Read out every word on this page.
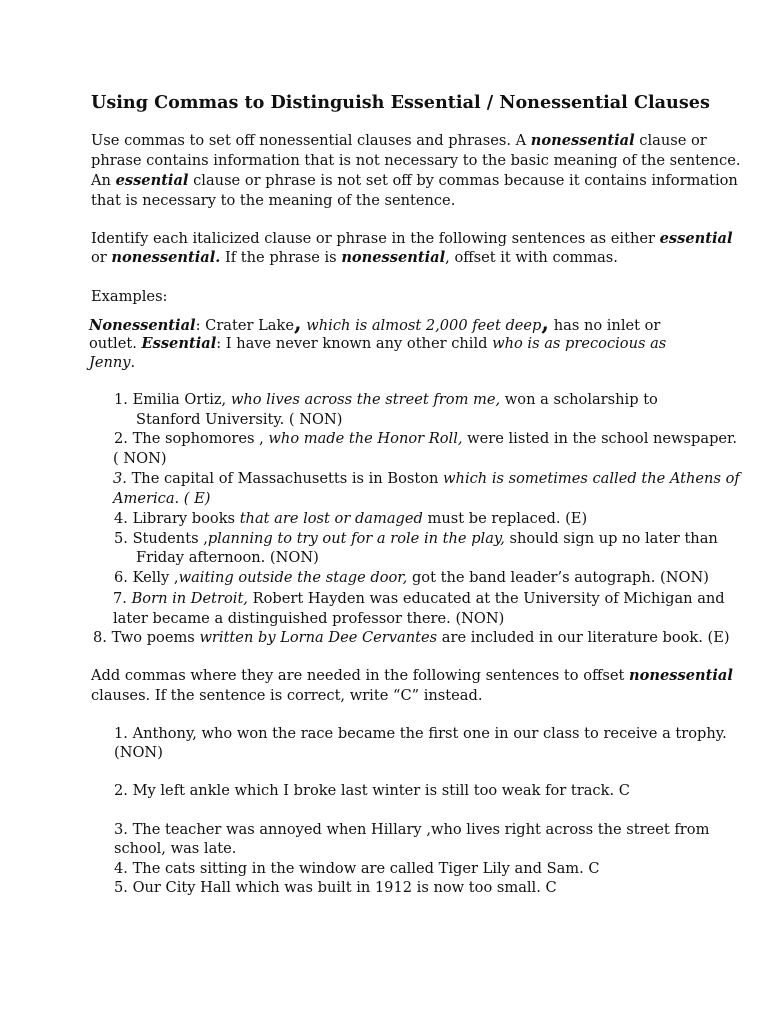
Using Commas to Distinguish Essential / Nonessential Clauses
Use commas to set off nonessential clauses and phrases. A nonessential clause or
phrase contains information that is not necessary to the basic meaning of the sentence.
An essential clause or phrase is not set off by commas because it contains information
that is necessary to the meaning of the sentence.
Identify each italicized clause or phrase in the following sentences as either essential
or nonessential. If the phrase is nonessential, offset it with commas.
Examples:
Nonessential: Crater Lake, which is almost 2,000 feet deep, has no inlet or
outlet. Essential: I have never known any other child who is as precocious as
Jenny.
1. Emilia Ortiz, who lives across the street from me, won a scholarship to
Stanford University. ( NON)
2. The sophomores , who made the Honor Roll, were listed in the school newspaper.
( NON)
3. The capital of Massachusetts is in Boston which is sometimes called the Athens of
America. ( E)
4. Library books that are lost or damaged must be replaced. (E)
5. Students ,planning to try out for a role in the play, should sign up no later than
Friday afternoon. (NON)
6. Kelly ,waiting outside the stage door, got the band leader’s autograph. (NON)
7. Born in Detroit, Robert Hayden was educated at the University of Michigan and
later became a distinguished professor there. (NON)
8. Two poems written by Lorna Dee Cervantes are included in our literature book. (E)
Add commas where they are needed in the following sentences to offset nonessential
clauses. If the sentence is correct, write “C” instead.
1. Anthony, who won the race became the first one in our class to receive a trophy.
(NON)
2. My left ankle which I broke last winter is still too weak for track. C
3. The teacher was annoyed when Hillary ,who lives right across the street from
school, was late.
4. The cats sitting in the window are called Tiger Lily and Sam. C
5. Our City Hall which was built in 1912 is now too small. C
